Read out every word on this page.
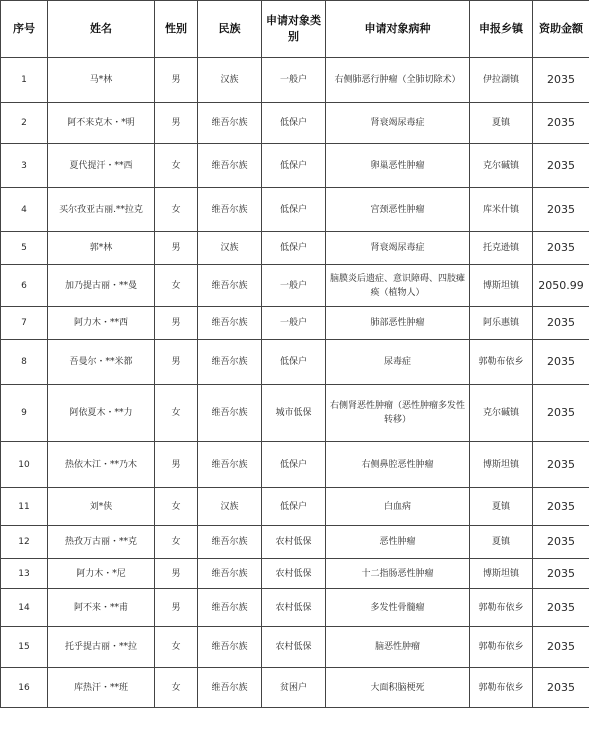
序号	姓名	性别	民族	申请对象类别	申请对象病种	申报乡镇	资助金额
1	马*林	男	汉族	一般户	右侧肺恶行肿瘤（全肺切除术）	伊拉湖镇	2035
2	阿不来克木・*明	男	维吾尔族	低保户	肾衰竭尿毒症	夏镇	2035
3	夏代提汗・**西	女	维吾尔族	低保户	卵巢恶性肿瘤	克尔碱镇	2035
4	买尔孜亚古丽.**拉克	女	维吾尔族	低保户	宫颈恶性肿瘤	库米什镇	2035
5	郭*林	男	汉族	低保户	肾衰竭尿毒症	托克逊镇	2035
6	加乃提古丽・**曼	女	维吾尔族	一般户	脑膜炎后遗症、意识障碍、四肢瘫痪（植物人）	博斯坦镇	2050.99
7	阿力木・**西	男	维吾尔族	一般户	肺部恶性肿瘤	阿乐惠镇	2035
8	吾曼尔・**米都	男	维吾尔族	低保户	尿毒症	郭勒布依乡	2035
9	阿依夏木・**力	女	维吾尔族	城市低保	右侧肾恶性肿瘤（恶性肿瘤多发性转移）	克尔碱镇	2035
10	热依木江・**乃木	男	维吾尔族	低保户	右侧鼻腔恶性肿瘤	博斯坦镇	2035
11	刘*侠	女	汉族	低保户	白血病	夏镇	2035
12	热孜万古丽・**克	女	维吾尔族	农村低保	恶性肿瘤	夏镇	2035
13	阿力木・*尼	男	维吾尔族	农村低保	十二指肠恶性肿瘤	博斯坦镇	2035
14	阿不来・**甫	男	维吾尔族	农村低保	多发性骨髓瘤	郭勒布依乡	2035
15	托乎提古丽・**拉	女	维吾尔族	农村低保	脑恶性肿瘤	郭勒布依乡	2035
16	库热汗・**班	女	维吾尔族	贫困户	大面积脑梗死	郭勒布依乡	2035
